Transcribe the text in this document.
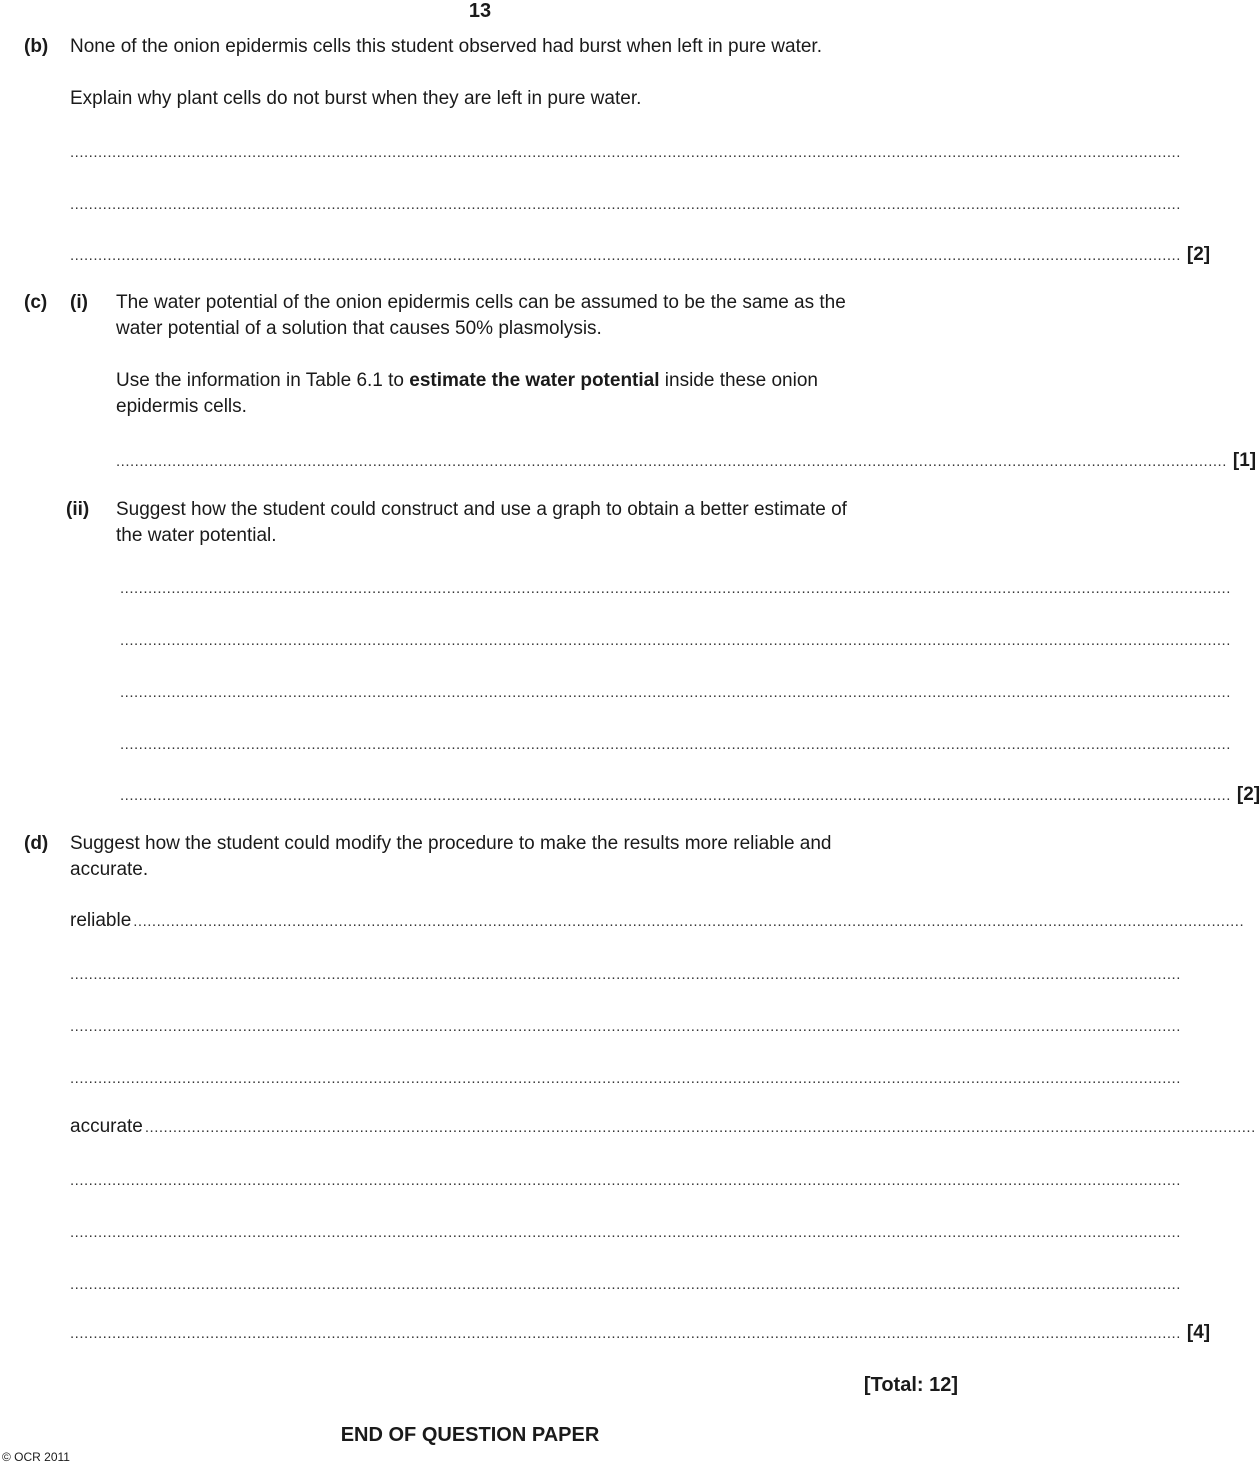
13
(b) None of the onion epidermis cells this student observed had burst when left in pure water.
Explain why plant cells do not burst when they are left in pure water.
..............................................................................................................................................................................................................................................
..............................................................................................................................................................................................................................................
.............................................................................................................................................................................................................................................. [2]
(c) (i) The water potential of the onion epidermis cells can be assumed to be the same as the
water potential of a solution that causes 50% plasmolysis.
Use the information in Table 6.1 to estimate the water potential inside these onion
epidermis cells.
.............................................................................................................................................................................................................................................. [1]
(ii) Suggest how the student could construct and use a graph to obtain a better estimate of
the water potential.
..............................................................................................................................................................................................................................................
..............................................................................................................................................................................................................................................
..............................................................................................................................................................................................................................................
..............................................................................................................................................................................................................................................
.............................................................................................................................................................................................................................................. [2]
(d) Suggest how the student could modify the procedure to make the results more reliable and
accurate.
reliable ..............................................................................................................................................................................................................................................
..............................................................................................................................................................................................................................................
..............................................................................................................................................................................................................................................
..............................................................................................................................................................................................................................................
accurate ..............................................................................................................................................................................................................................................
..............................................................................................................................................................................................................................................
..............................................................................................................................................................................................................................................
..............................................................................................................................................................................................................................................
.............................................................................................................................................................................................................................................. [4]
[Total: 12]
END OF QUESTION PAPER
© OCR 2011
